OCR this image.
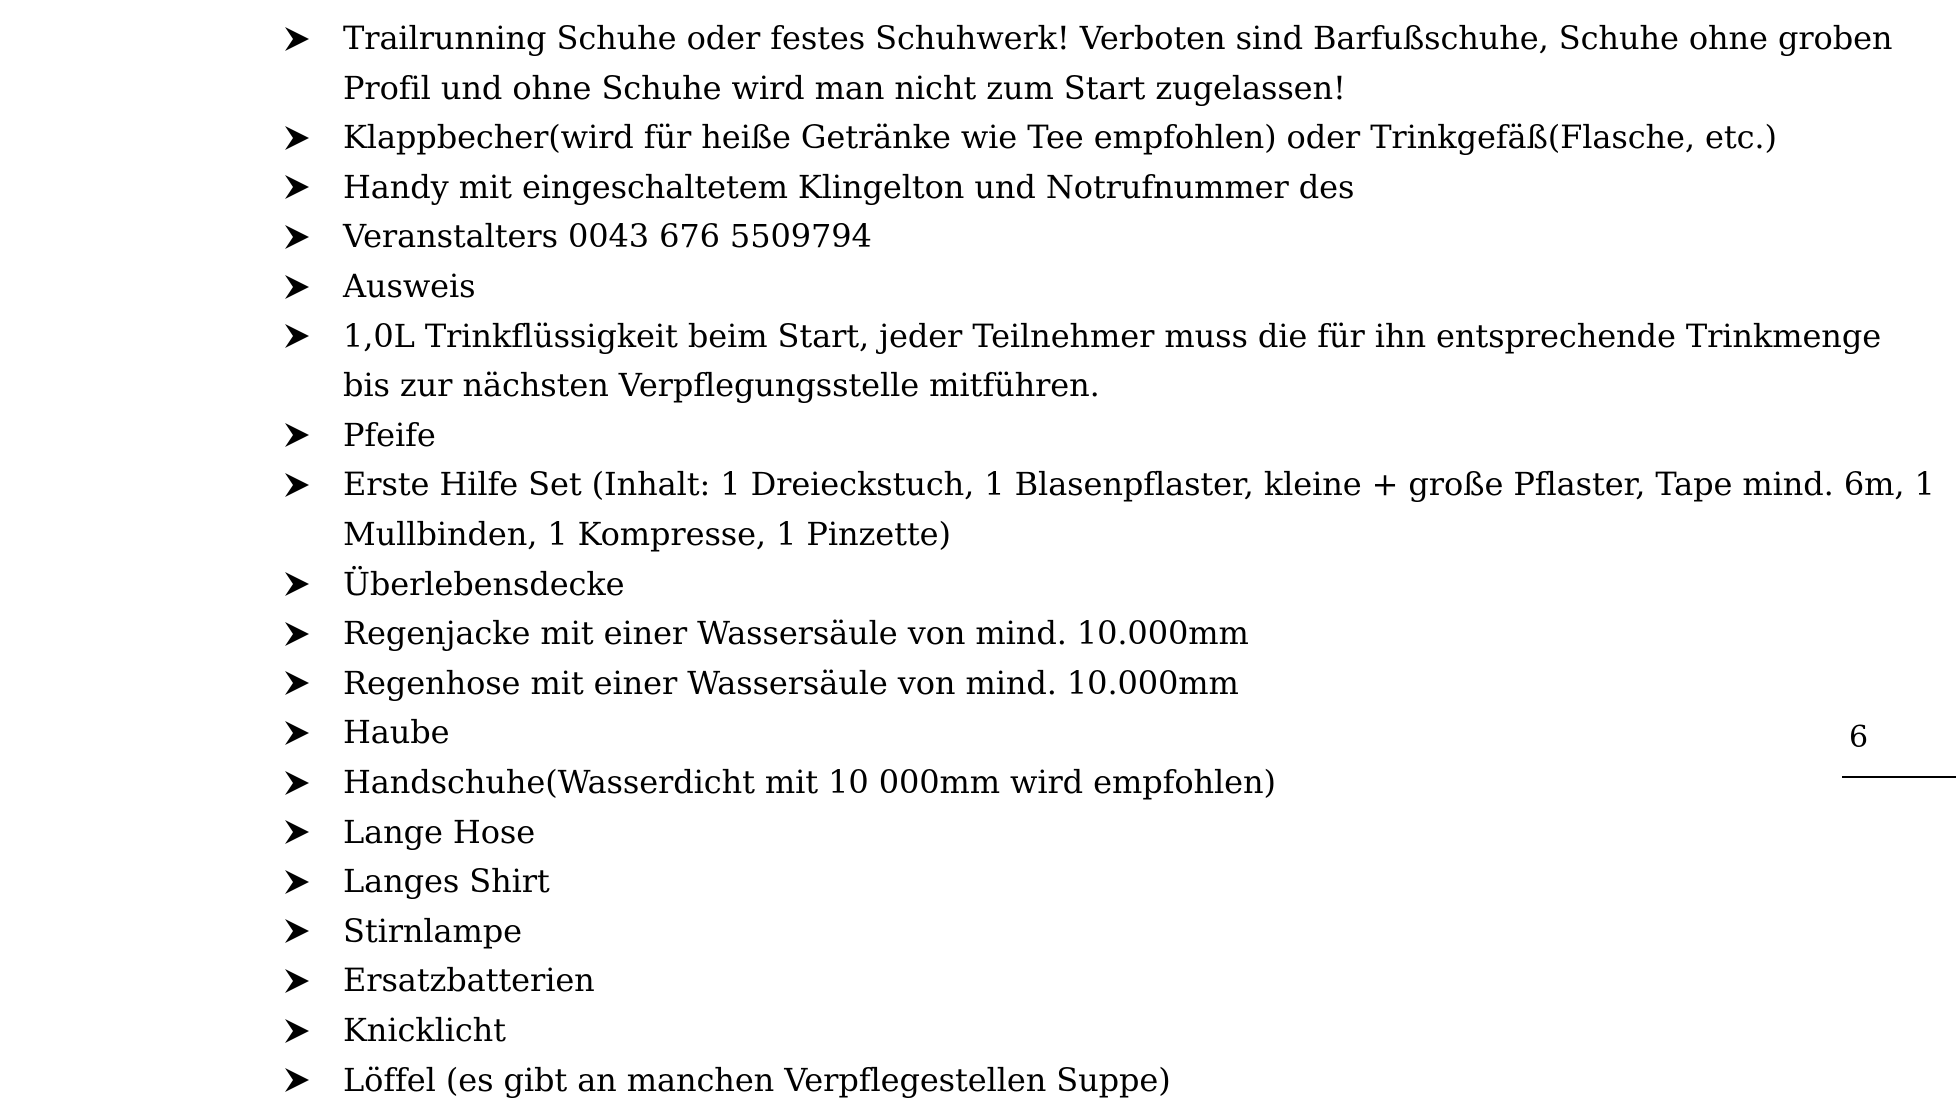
Trailrunning Schuhe oder festes Schuhwerk! Verboten sind Barfußschuhe, Schuhe ohne groben
Profil und ohne Schuhe wird man nicht zum Start zugelassen!
Klappbecher(wird für heiße Getränke wie Tee empfohlen) oder Trinkgefäß(Flasche, etc.)
Handy mit eingeschaltetem Klingelton und Notrufnummer des
Veranstalters 0043 676 5509794
Ausweis
1,0L Trinkflüssigkeit beim Start, jeder Teilnehmer muss die für ihn entsprechende Trinkmenge
bis zur nächsten Verpflegungsstelle mitführen.
Pfeife
Erste Hilfe Set (Inhalt: 1 Dreieckstuch, 1 Blasenpflaster, kleine + große Pflaster, Tape mind. 6m, 1
Mullbinden, 1 Kompresse, 1 Pinzette)
Überlebensdecke
Regenjacke mit einer Wassersäule von mind. 10.000mm
Regenhose mit einer Wassersäule von mind. 10.000mm
Haube
Handschuhe(Wasserdicht mit 10 000mm wird empfohlen)
Lange Hose
Langes Shirt
Stirnlampe
Ersatzbatterien
Knicklicht
Löffel (es gibt an manchen Verpflegestellen Suppe)
6
